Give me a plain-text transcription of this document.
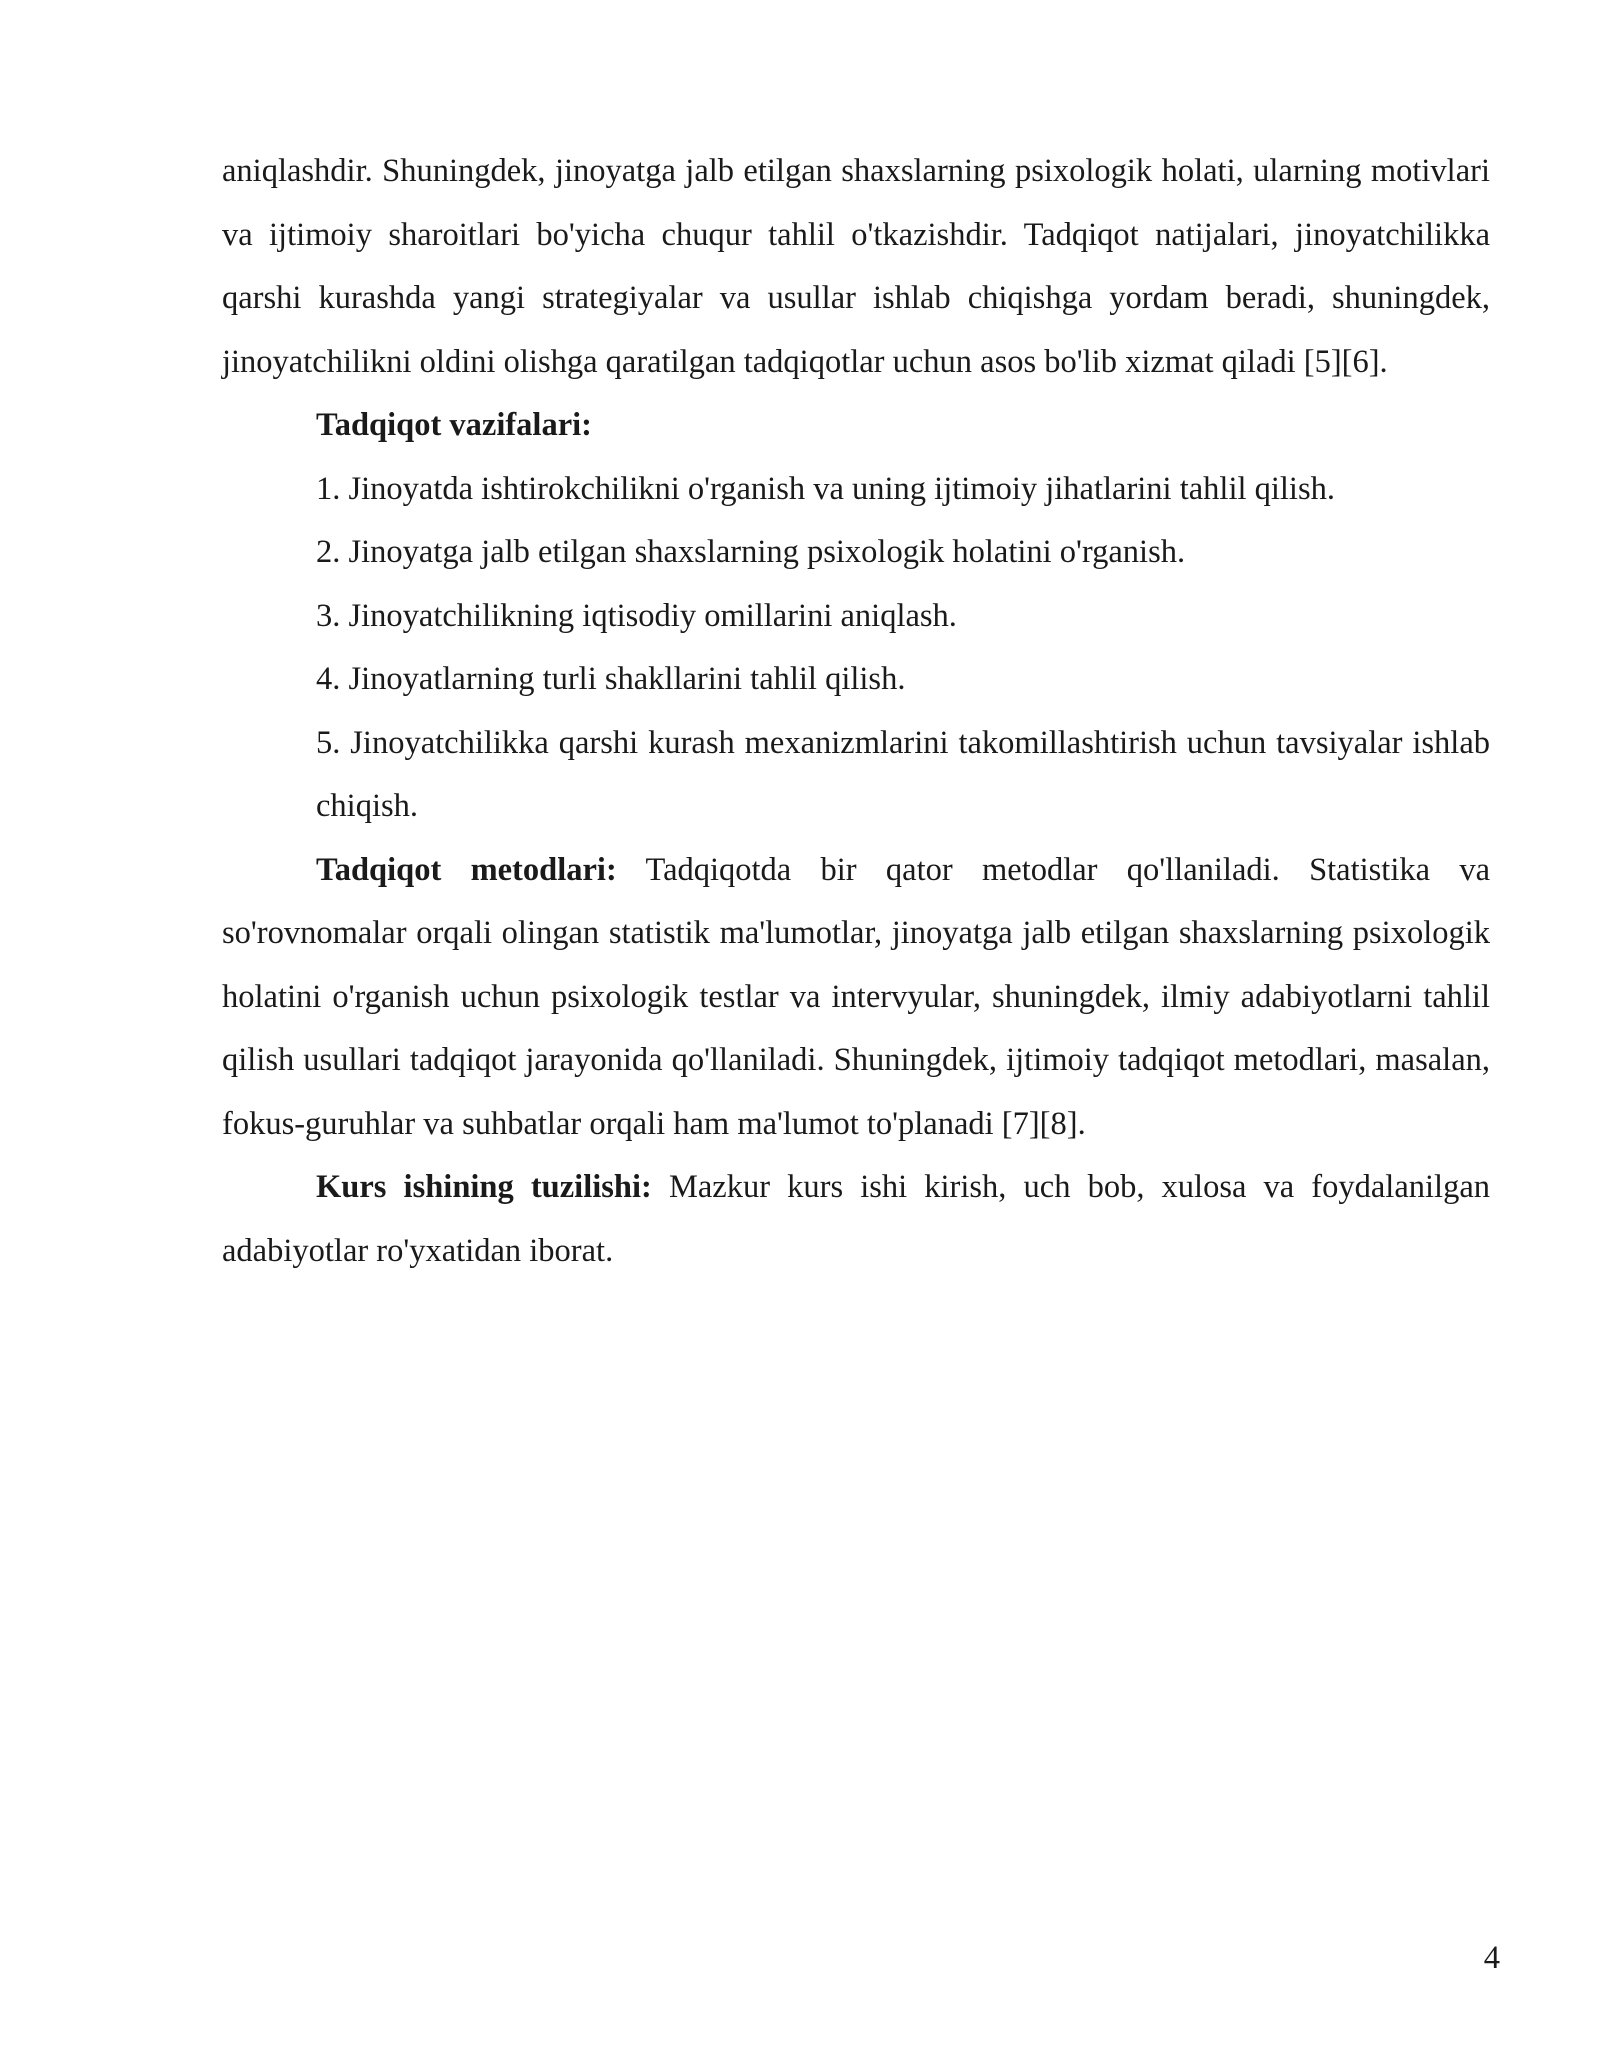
aniqlashdir. Shuningdek, jinoyatga jalb etilgan shaxslarning psixologik holati, ularning motivlari va ijtimoiy sharoitlari bo'yicha chuqur tahlil o'tkazishdir. Tadqiqot natijalari, jinoyatchilikka qarshi kurashda yangi strategiyalar va usullar ishlab chiqishga yordam beradi, shuningdek, jinoyatchilikni oldini olishga qaratilgan tadqiqotlar uchun asos bo'lib xizmat qiladi [5][6].

Tadqiqot vazifalari:

1. Jinoyatda ishtirokchilikni o'rganish va uning ijtimoiy jihatlarini tahlil qilish.

2. Jinoyatga jalb etilgan shaxslarning psixologik holatini o'rganish.

3. Jinoyatchilikning iqtisodiy omillarini aniqlash.

4. Jinoyatlarning turli shakllarini tahlil qilish.

5. Jinoyatchilikka qarshi kurash mexanizmlarini takomillashtirish uchun tavsiyalar ishlab chiqish.

Tadqiqot metodlari: Tadqiqotda bir qator metodlar qo'llaniladi. Statistika va so'rovnomalar orqali olingan statistik ma'lumotlar, jinoyatga jalb etilgan shaxslarning psixologik holatini o'rganish uchun psixologik testlar va intervyular, shuningdek, ilmiy adabiyotlarni tahlil qilish usullari tadqiqot jarayonida qo'llaniladi. Shuningdek, ijtimoiy tadqiqot metodlari, masalan, fokus-guruhlar va suhbatlar orqali ham ma'lumot to'planadi [7][8].

Kurs ishining tuzilishi: Mazkur kurs ishi kirish, uch bob, xulosa va foydalanilgan adabiyotlar ro'yxatidan iborat.

4
